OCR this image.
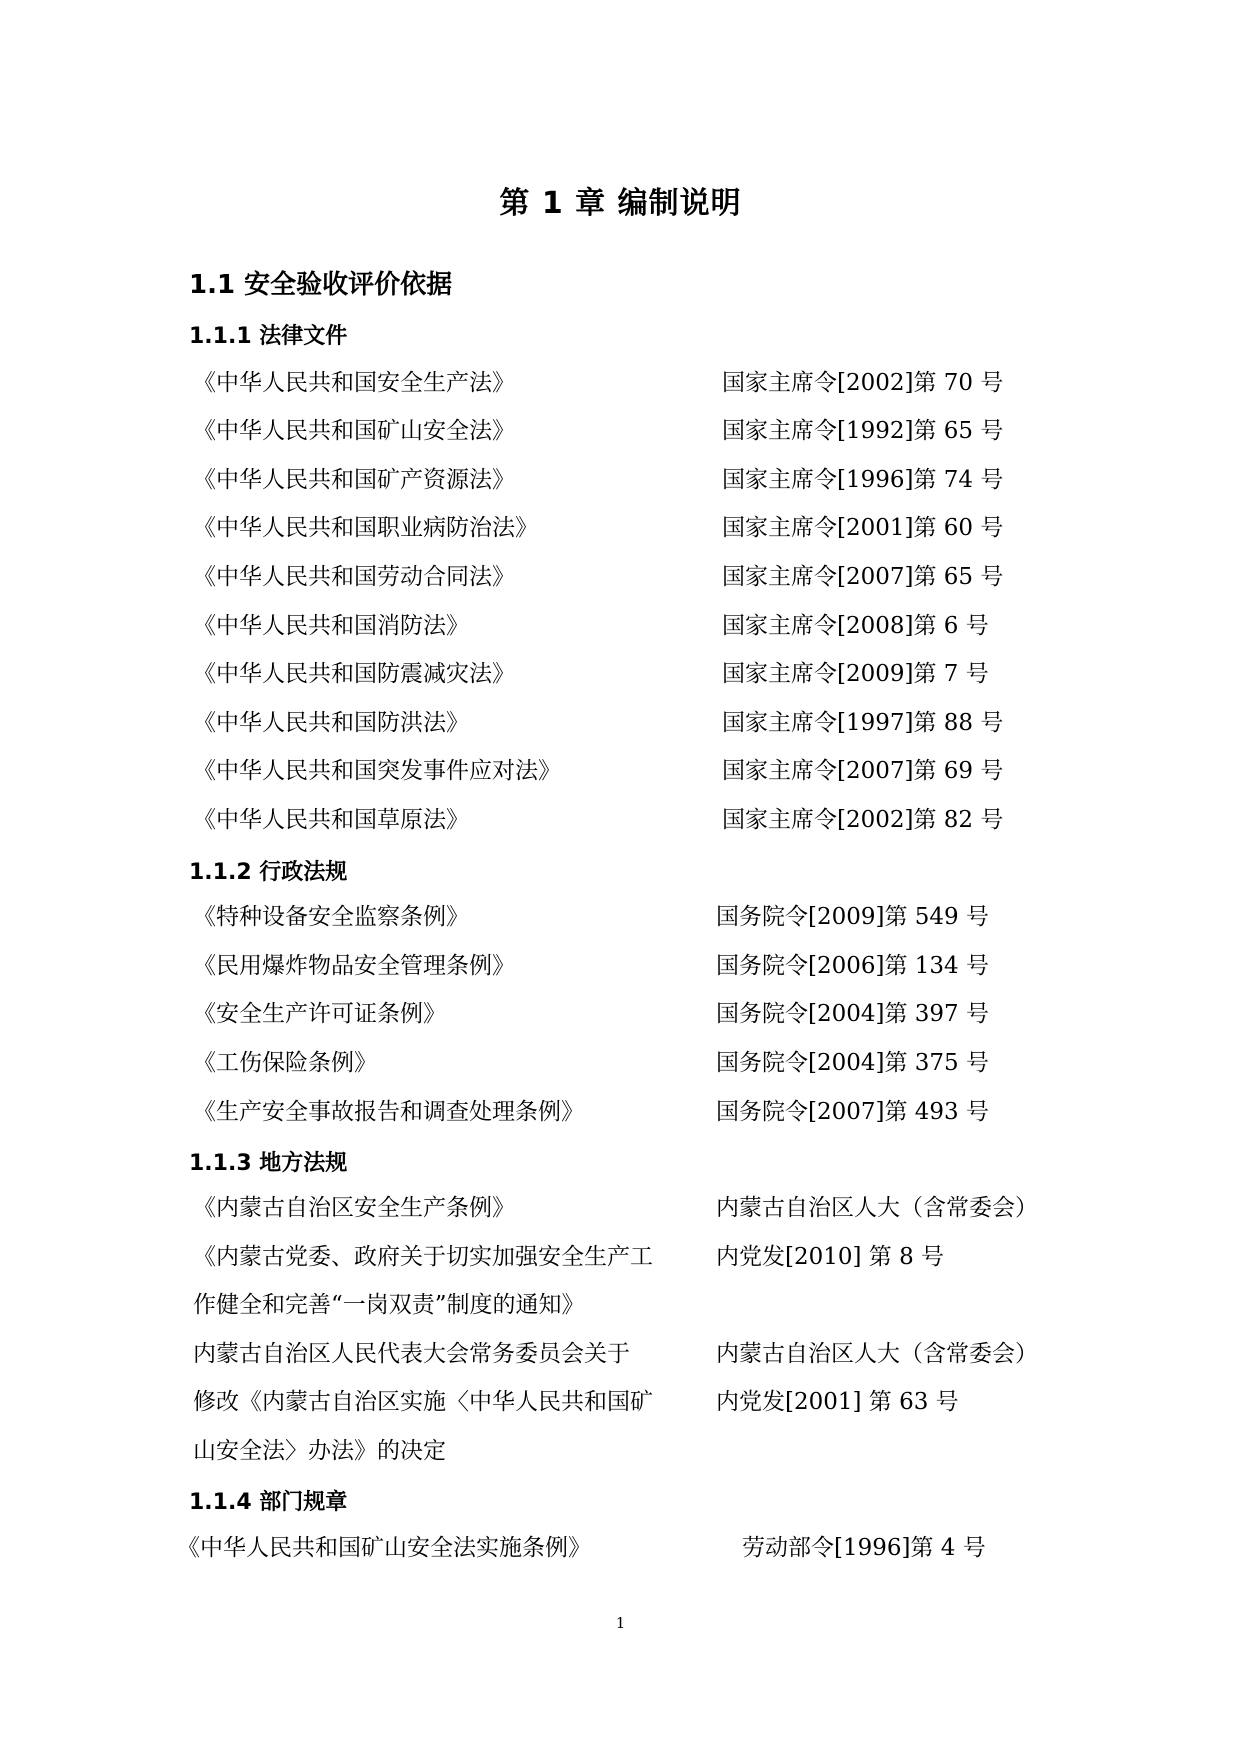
第 1 章 编制说明
1.1 安全验收评价依据
1.1.1 法律文件
《中华人民共和国安全生产法》	国家主席令[2002]第 70 号
《中华人民共和国矿山安全法》	国家主席令[1992]第 65 号
《中华人民共和国矿产资源法》	国家主席令[1996]第 74 号
《中华人民共和国职业病防治法》	国家主席令[2001]第 60 号
《中华人民共和国劳动合同法》	国家主席令[2007]第 65 号
《中华人民共和国消防法》	国家主席令[2008]第 6 号
《中华人民共和国防震减灾法》	国家主席令[2009]第 7 号
《中华人民共和国防洪法》	国家主席令[1997]第 88 号
《中华人民共和国突发事件应对法》	国家主席令[2007]第 69 号
《中华人民共和国草原法》	国家主席令[2002]第 82 号
1.1.2 行政法规
《特种设备安全监察条例》	国务院令[2009]第 549 号
《民用爆炸物品安全管理条例》	国务院令[2006]第 134 号
《安全生产许可证条例》	国务院令[2004]第 397 号
《工伤保险条例》	国务院令[2004]第 375 号
《生产安全事故报告和调查处理条例》	国务院令[2007]第 493 号
1.1.3 地方法规
《内蒙古自治区安全生产条例》	内蒙古自治区人大（含常委会）
《内蒙古党委、政府关于切实加强安全生产工	内党发[2010] 第 8 号
作健全和完善“一岗双责”制度的通知》
内蒙古自治区人民代表大会常务委员会关于	内蒙古自治区人大（含常委会）
修改《内蒙古自治区实施〈中华人民共和国矿	内党发[2001] 第 63 号
山安全法〉办法》的决定
1.1.4 部门规章
《中华人民共和国矿山安全法实施条例》	劳动部令[1996]第 4 号
1
